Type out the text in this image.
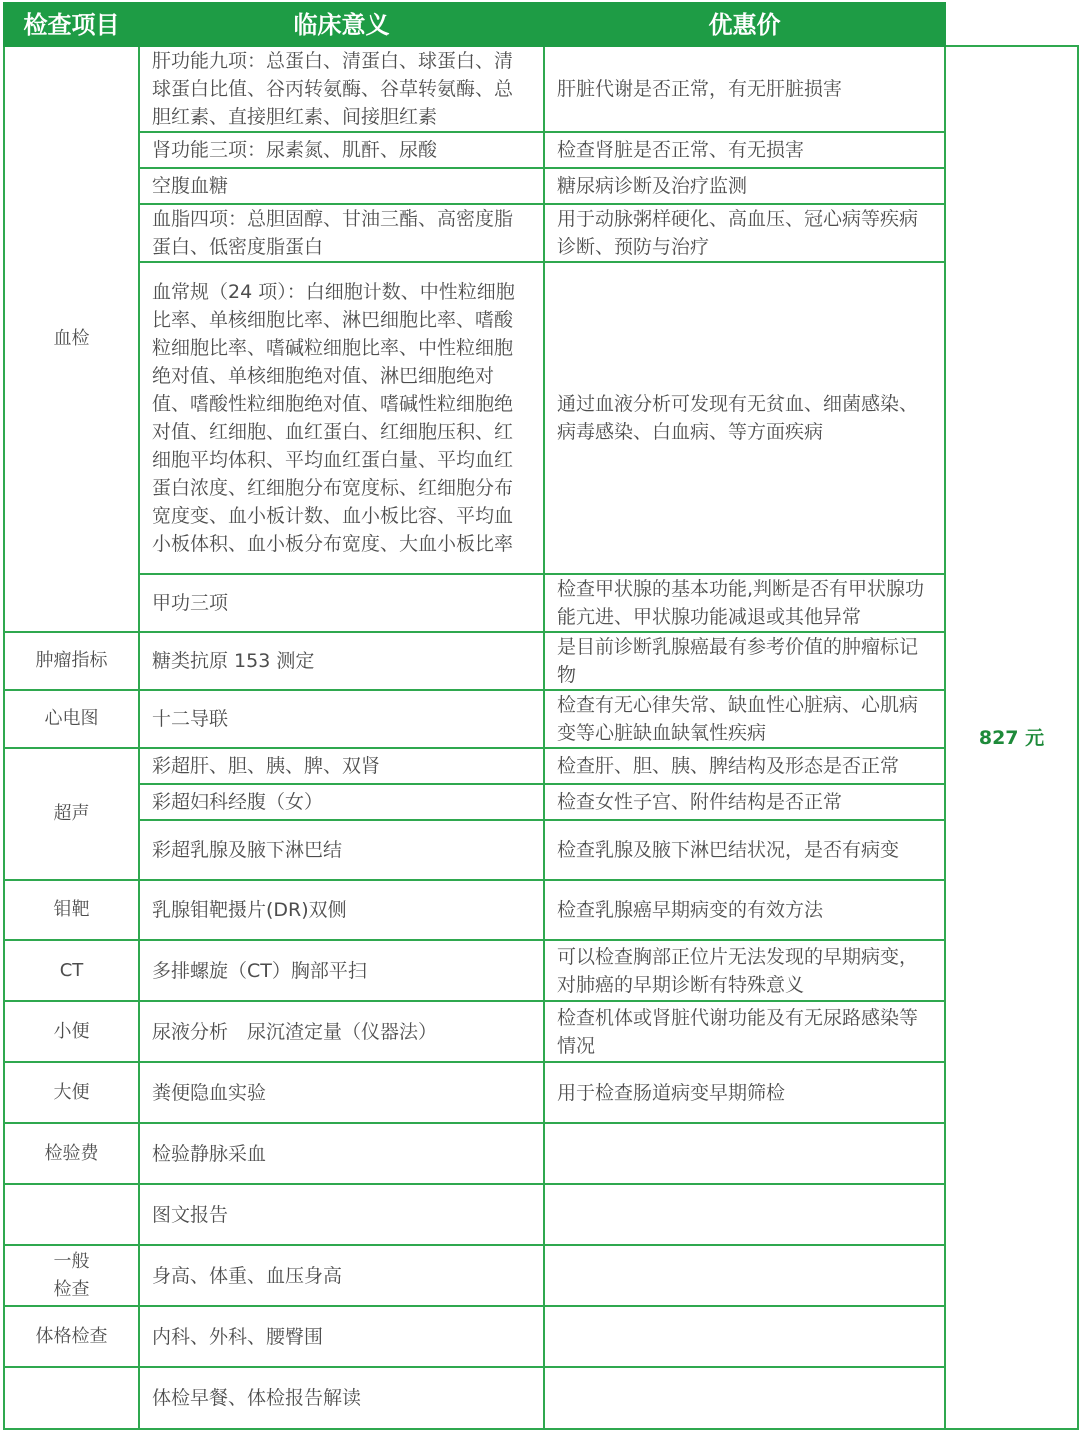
检查项目	临床意义	优惠价	
血检	肝功能九项：总蛋白、清蛋白、球蛋白、清球蛋白比值、谷丙转氨酶、谷草转氨酶、总胆红素、直接胆红素、间接胆红素	肝脏代谢是否正常，有无肝脏损害	827 元
	肾功能三项：尿素氮、肌酐、尿酸	检查肾脏是否正常、有无损害	
	空腹血糖	糖尿病诊断及治疗监测	
	血脂四项：总胆固醇、甘油三酯、高密度脂蛋白、低密度脂蛋白	用于动脉粥样硬化、高血压、冠心病等疾病诊断、预防与治疗	
	血常规（24 项）：白细胞计数、中性粒细胞比率、单核细胞比率、淋巴细胞比率、嗜酸粒细胞比率、嗜碱粒细胞比率、中性粒细胞绝对值、单核细胞绝对值、淋巴细胞绝对值、嗜酸性粒细胞绝对值、嗜碱性粒细胞绝对值、红细胞、血红蛋白、红细胞压积、红细胞平均体积、平均血红蛋白量、平均血红蛋白浓度、红细胞分布宽度标、红细胞分布宽度变、血小板计数、血小板比容、平均血小板体积、血小板分布宽度、大血小板比率	通过血液分析可发现有无贫血、细菌感染、病毒感染、白血病、等方面疾病	
	甲功三项	检查甲状腺的基本功能,判断是否有甲状腺功能亢进、甲状腺功能减退或其他异常	
肿瘤指标	糖类抗原 153 测定	是目前诊断乳腺癌最有参考价值的肿瘤标记物	
心电图	十二导联	检查有无心律失常、缺血性心脏病、心肌病变等心脏缺血缺氧性疾病	
超声	彩超肝、胆、胰、脾、双肾	检查肝、胆、胰、脾结构及形态是否正常	
	彩超妇科经腹（女）	检查女性子宫、附件结构是否正常	
	彩超乳腺及腋下淋巴结	检查乳腺及腋下淋巴结状况，是否有病变	
钼靶	乳腺钼靶摄片(DR)双侧	检查乳腺癌早期病变的有效方法	
CT	多排螺旋（CT）胸部平扫	可以检查胸部正位片无法发现的早期病变，对肺癌的早期诊断有特殊意义	
小便	尿液分析　尿沉渣定量（仪器法）	检查机体或肾脏代谢功能及有无尿路感染等情况	
大便	粪便隐血实验	用于检查肠道病变早期筛检	
检验费	检验静脉采血		
	图文报告		
一般检查	身高、体重、血压身高		
体格检查	内科、外科、腰臀围		
	体检早餐、体检报告解读		
